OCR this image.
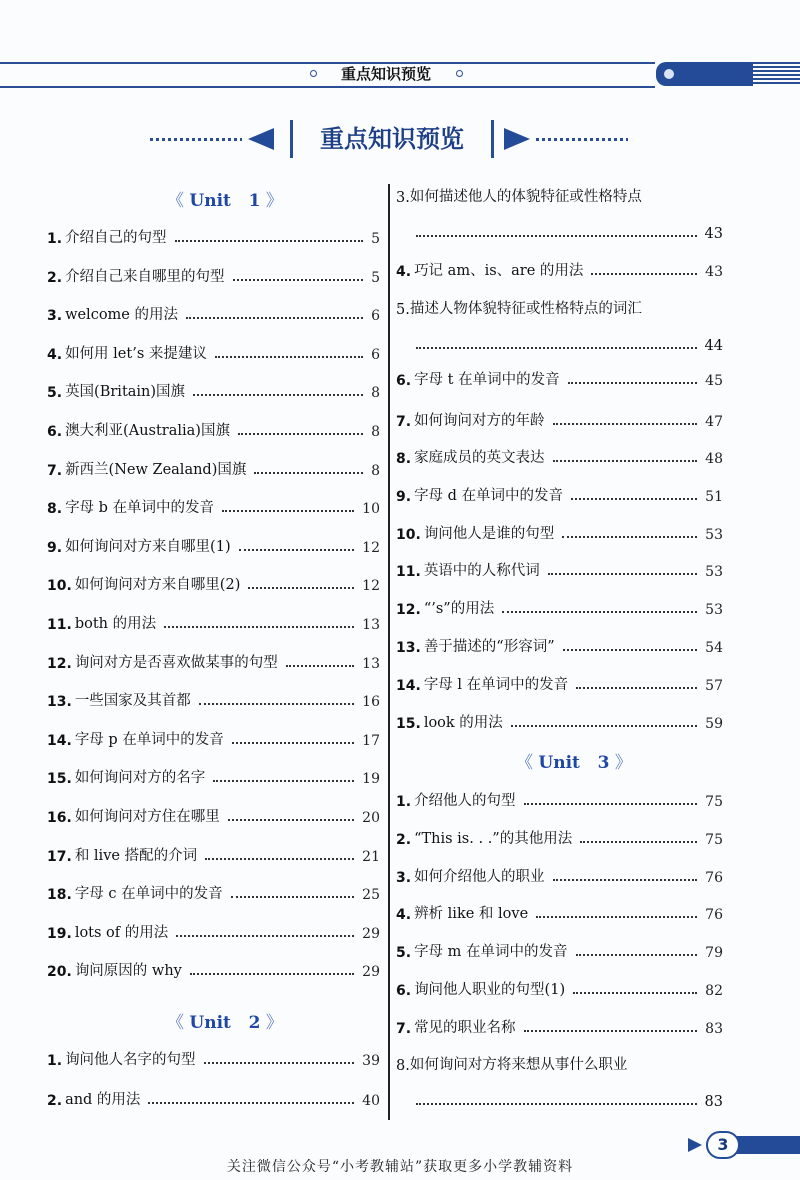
重点知识预览
重点知识预览
《 Unit   1 》
1. 介绍自己的句型	5
2. 介绍自己来自哪里的句型	5
3. welcome 的用法	6
4. 如何用 let’s 来提建议	6
5. 英国(Britain)国旗	8
6. 澳大利亚(Australia)国旗	8
7. 新西兰(New Zealand)国旗	8
8. 字母 b 在单词中的发音	10
9. 如何询问对方来自哪里(1)	12
10. 如何询问对方来自哪里(2)	12
11. both 的用法	13
12. 询问对方是否喜欢做某事的句型	13
13. 一些国家及其首都	16
14. 字母 p 在单词中的发音	17
15. 如何询问对方的名字	19
16. 如何询问对方住在哪里	20
17. 和 live 搭配的介词	21
18. 字母 c 在单词中的发音	25
19. lots of 的用法	29
20. 询问原因的 why	29
《 Unit   2 》
1. 询问他人名字的句型	39
2. and 的用法	40
3. 如何描述他人的体貌特征或性格特点
43
4. 巧记 am、is、are 的用法	43
5. 描述人物体貌特征或性格特点的词汇
44
6. 字母 t 在单词中的发音	45
7. 如何询问对方的年龄	47
8. 家庭成员的英文表达	48
9. 字母 d 在单词中的发音	51
10. 询问他人是谁的句型	53
11. 英语中的人称代词	53
12. “’s”的用法	53
13. 善于描述的“形容词”	54
14. 字母 l 在单词中的发音	57
15. look 的用法	59
《 Unit   3 》
1. 介绍他人的句型	75
2. “This is. . .”的其他用法	75
3. 如何介绍他人的职业	76
4. 辨析 like 和 love	76
5. 字母 m 在单词中的发音	79
6. 询问他人职业的句型(1)	82
7. 常见的职业名称	83
8. 如何询问对方将来想从事什么职业
83
3
关注微信公众号“小考教辅站”获取更多小学教辅资料
